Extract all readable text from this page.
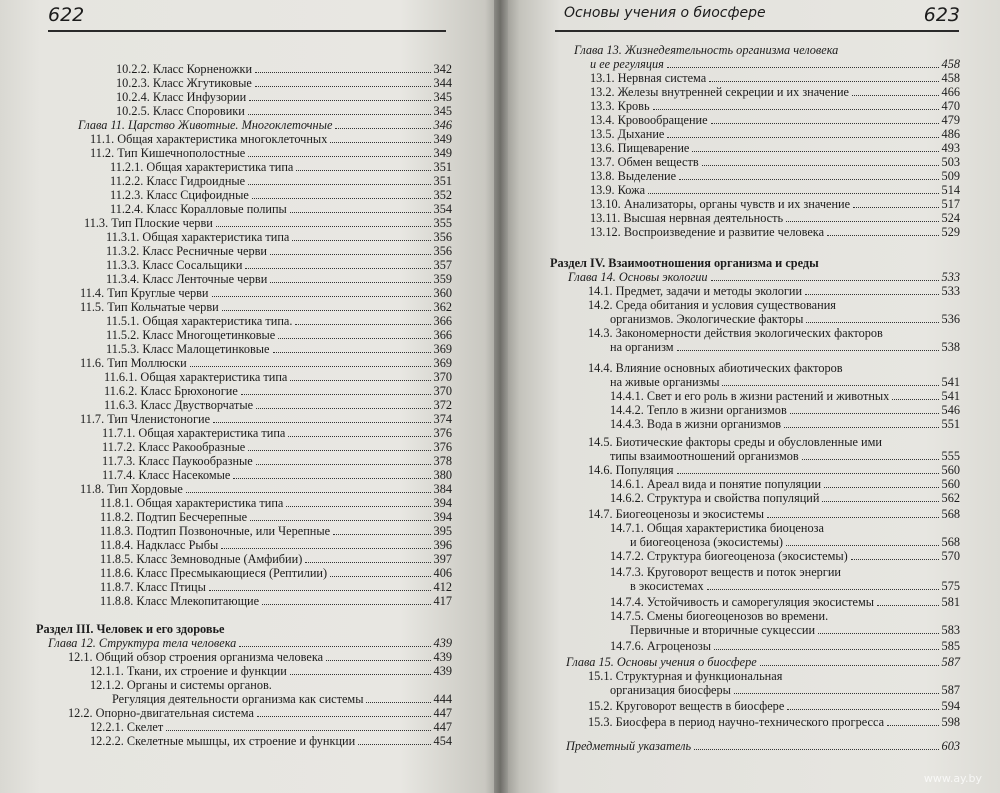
622
10.2.2. Класс Корненожки	342
10.2.3. Класс Жгутиковые	344
10.2.4. Класс Инфузории	345
10.2.5. Класс Споровики	345
Глава 11. Царство Животные. Многоклеточные	346
11.1. Общая характеристика многоклеточных	349
11.2. Тип Кишечнополостные	349
11.2.1. Общая характеристика типа	351
11.2.2. Класс Гидроидные	351
11.2.3. Класс Сцифоидные	352
11.2.4. Класс Коралловые полипы	354
11.3. Тип Плоские черви	355
11.3.1. Общая характеристика типа	356
11.3.2. Класс Ресничные черви	356
11.3.3. Класс Сосальщики	357
11.3.4. Класс Ленточные черви	359
11.4. Тип Круглые черви	360
11.5. Тип Кольчатые черви	362
11.5.1. Общая характеристика типа.	366
11.5.2. Класс Многощетинковые	366
11.5.3. Класс Малощетинковые	369
11.6. Тип Моллюски	369
11.6.1. Общая характеристика типа	370
11.6.2. Класс Брюхоногие	370
11.6.3. Класс Двустворчатые	372
11.7. Тип Членистоногие	374
11.7.1. Общая характеристика типа	376
11.7.2. Класс Ракообразные	376
11.7.3. Класс Паукообразные	378
11.7.4. Класс Насекомые	380
11.8. Тип Хордовые	384
11.8.1. Общая характеристика типа	394
11.8.2. Подтип Бесчерепные	394
11.8.3. Подтип Позвоночные, или Черепные	395
11.8.4. Надкласс Рыбы	396
11.8.5. Класс Земноводные (Амфибии)	397
11.8.6. Класс Пресмыкающиеся (Рептилии)	406
11.8.7. Класс Птицы	412
11.8.8. Класс Млекопитающие	417
Раздел III. Человек и его здоровье
Глава 12. Структура тела человека	439
12.1. Общий обзор строения организма человека	439
12.1.1. Ткани, их строение и функции	439
12.1.2. Органы и системы органов.
Регуляция деятельности организма как системы	444
12.2. Опорно-двигательная система	447
12.2.1. Скелет	447
12.2.2. Скелетные мышцы, их строение и функции	454
Основы учения о биосфере	623
Глава 13. Жизнедеятельность организма человека
и ее регуляция	458
13.1. Нервная система	458
13.2. Железы внутренней секреции и их значение	466
13.3. Кровь	470
13.4. Кровообращение	479
13.5. Дыхание	486
13.6. Пищеварение	493
13.7. Обмен веществ	503
13.8. Выделение	509
13.9. Кожа	514
13.10. Анализаторы, органы чувств и их значение	517
13.11. Высшая нервная деятельность	524
13.12. Воспроизведение и развитие человека	529
Раздел IV. Взаимоотношения организма и среды
Глава 14. Основы экологии	533
14.1. Предмет, задачи и методы экологии	533
14.2. Среда обитания и условия существования
организмов. Экологические факторы	536
14.3. Закономерности действия экологических факторов
на организм	538
14.4. Влияние основных абиотических факторов
на живые организмы	541
14.4.1. Свет и его роль в жизни растений и животных	541
14.4.2. Тепло в жизни организмов	546
14.4.3. Вода в жизни организмов	551
14.5. Биотические факторы среды и обусловленные ими
типы взаимоотношений организмов	555
14.6. Популяция	560
14.6.1. Ареал вида и понятие популяции	560
14.6.2. Структура и свойства популяций	562
14.7. Биогеоценозы и экосистемы	568
14.7.1. Общая характеристика биоценоза
и биогеоценоза (экосистемы)	568
14.7.2. Структура биогеоценоза (экосистемы)	570
14.7.3. Круговорот веществ и поток энергии
в экосистемах	575
14.7.4. Устойчивость и саморегуляция экосистемы	581
14.7.5. Смены биогеоценозов во времени.
Первичные и вторичные сукцессии	583
14.7.6. Агроценозы	585
Глава 15. Основы учения о биосфере	587
15.1. Структурная и функциональная
организация биосферы	587
15.2. Круговорот веществ в биосфере	594
15.3. Биосфера в период научно-технического прогресса	598
Предметный указатель	603
www.ay.by
